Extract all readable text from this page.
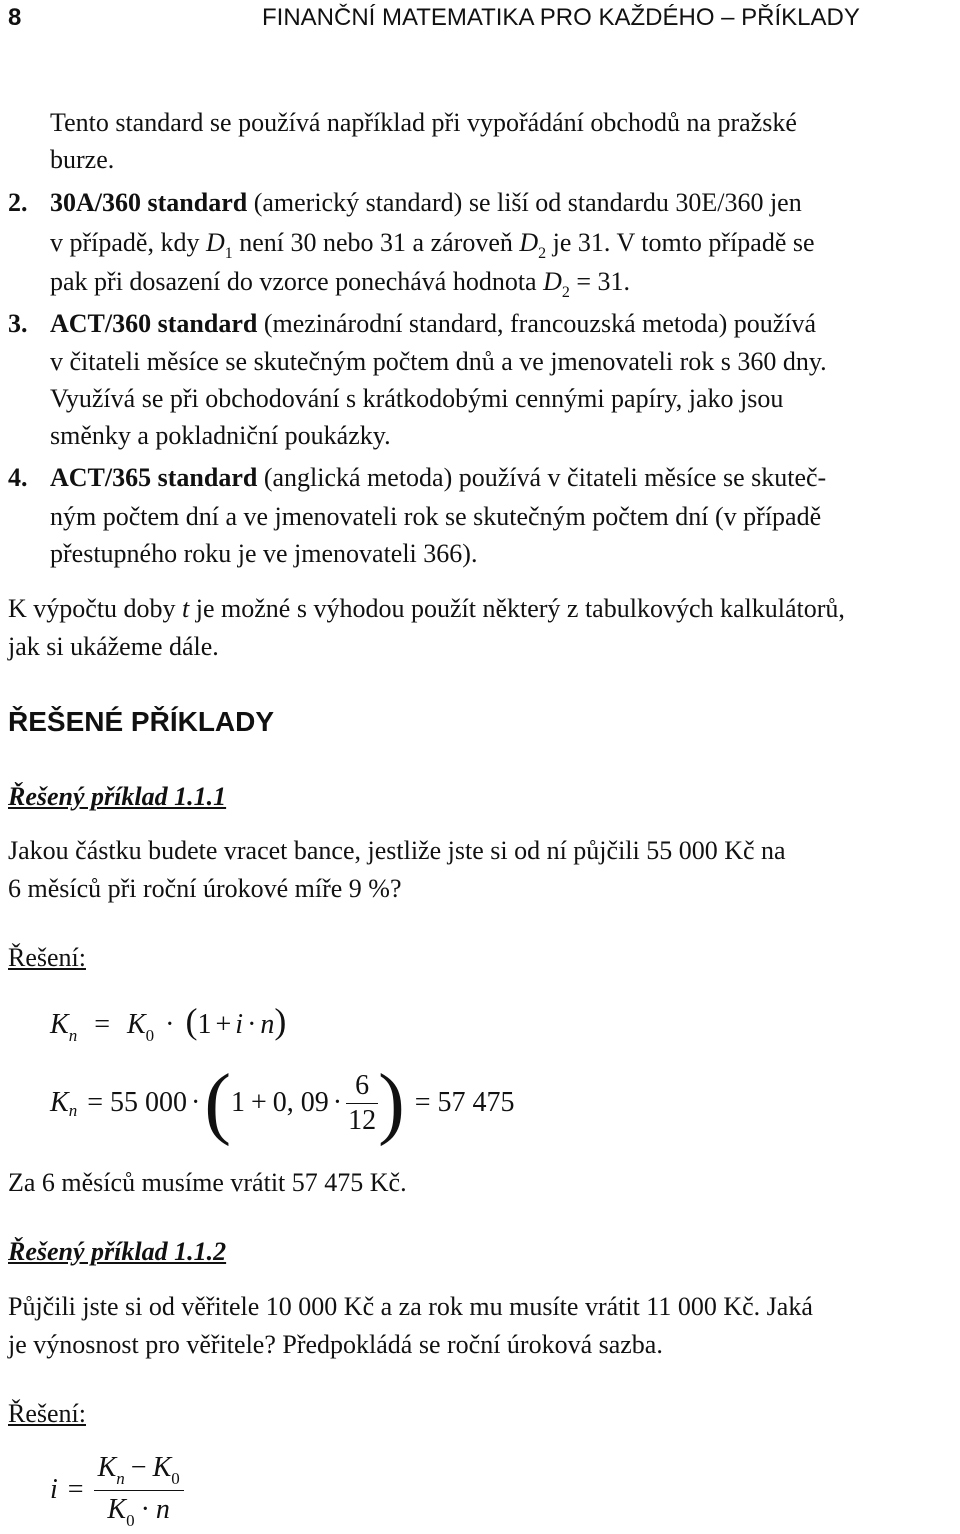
8	FINANČNÍ MATEMATIKA PRO KAŽDÉHO – PŘÍKLADY
Tento standard se používá například při vypořádání obchodů na pražské
burze.
2. 30A/360 standard (americký standard) se liší od standardu 30E/360 jen
v případě, kdy $D_1$ není 30 nebo 31 a zároveň $D_2$ je 31. V tomto případě se
pak při dosazení do vzorce ponechává hodnota $D_2 = 31$.
3. ACT/360 standard (mezinárodní standard, francouzská metoda) používá
v čitateli měsíce se skutečným počtem dnů a ve jmenovateli rok s 360 dny.
Využívá se při obchodování s krátkodobými cennými papíry, jako jsou
směnky a pokladniční poukázky.
4. ACT/365 standard (anglická metoda) používá v čitateli měsíce se skuteč-
ným počtem dní a ve jmenovateli rok se skutečným počtem dní (v případě
přestupného roku je ve jmenovateli 366).
K výpočtu doby t je možné s výhodou použít některý z tabulkových kalkulátorů,
jak si ukážeme dále.
ŘEŠENÉ PŘÍKLADY
Řešený příklad 1.1.1
Jakou částku budete vracet bance, jestliže jste si od ní půjčili 55 000 Kč na
6 měsíců při roční úrokové míře 9 %?
Řešení:
$K_n = K_0 \cdot (1 + i \cdot n)$
K n = 55 000 · ( 1 + 0, $09 \cdot \frac{6}{12}$ ) = 57 475
Za 6 měsíců musíme vrátit 57 475 Kč.
Řešený příklad 1.1.2
Půjčili jste si od věřitele 10 000 Kč a za rok mu musíte vrátit 11 000 Kč. Jaká
je výnosnost pro věřitele? Předpokládá se roční úroková sazba.
Řešení:
$i = \frac{K_n - K_0}{K_0 \cdot n}$
